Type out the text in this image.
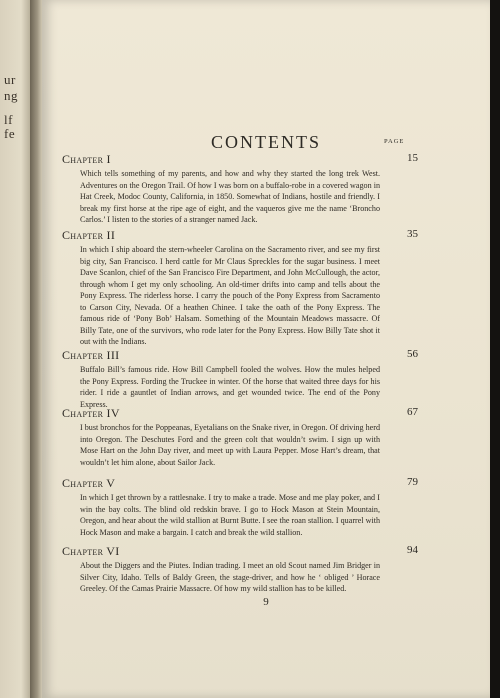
ur
ng
lf
fe	CONTENTS	PAGE
Chapter I	15
Which tells something of my parents, and how and why they started the long trek West. Adventures on the Oregon Trail. Of how I was born on a buffalo-robe in a covered wagon in Hat Creek, Modoc County, California, in 1850. Somewhat of Indians, hostile and friendly. I break my first horse at the ripe age of eight, and the vaqueros give me the name ‘Broncho Carlos.’ I listen to the stories of a stranger named Jack.
Chapter II	35
In which I ship aboard the stern-wheeler Carolina on the Sacramento river, and see my first big city, San Francisco. I herd cattle for Mr Claus Spreckles for the sugar business. I meet Dave Scanlon, chief of the San Francisco Fire Department, and John McCullough, the actor, through whom I get my only schooling. An old-timer drifts into camp and tells about the Pony Express. The riderless horse. I carry the pouch of the Pony Express from Sacramento to Carson City, Nevada. Of a heathen Chinee. I take the oath of the Pony Express. The famous ride of ‘Pony Bob’ Halsam. Something of the Mountain Meadows massacre. Of Billy Tate, one of the survivors, who rode later for the Pony Express. How Billy Tate shot it out with the Indians.
Chapter III	56
Buffalo Bill’s famous ride. How Bill Campbell fooled the wolves. How the mules helped the Pony Express. Fording the Truckee in winter. Of the horse that waited three days for his rider. I ride a gauntlet of Indian arrows, and get wounded twice. The end of the Pony Express.
Chapter IV	67
I bust bronchos for the Poppeanas, Eyetalians on the Snake river, in Oregon. Of driving herd into Oregon. The Deschutes Ford and the green colt that wouldn’t swim. I sign up with Mose Hart on the John Day river, and meet up with Laura Pepper. Mose Hart’s dream, that wouldn’t let him alone, about Sailor Jack.
Chapter V	79
In which I get thrown by a rattlesnake. I try to make a trade. Mose and me play poker, and I win the bay colts. The blind old redskin brave. I go to Hock Mason at Stein Mountain, Oregon, and hear about the wild stallion at Burnt Butte. I see the roan stallion. I quarrel with Hock Mason and make a bargain. I catch and break the wild stallion.
Chapter VI	94
About the Diggers and the Piutes. Indian trading. I meet an old Scout named Jim Bridger in Silver City, Idaho. Tells of Baldy Green, the stage-driver, and how he ‘ obliged ’ Horace Greeley. Of the Camas Prairie Massacre. Of how my wild stallion has to be killed.
9
